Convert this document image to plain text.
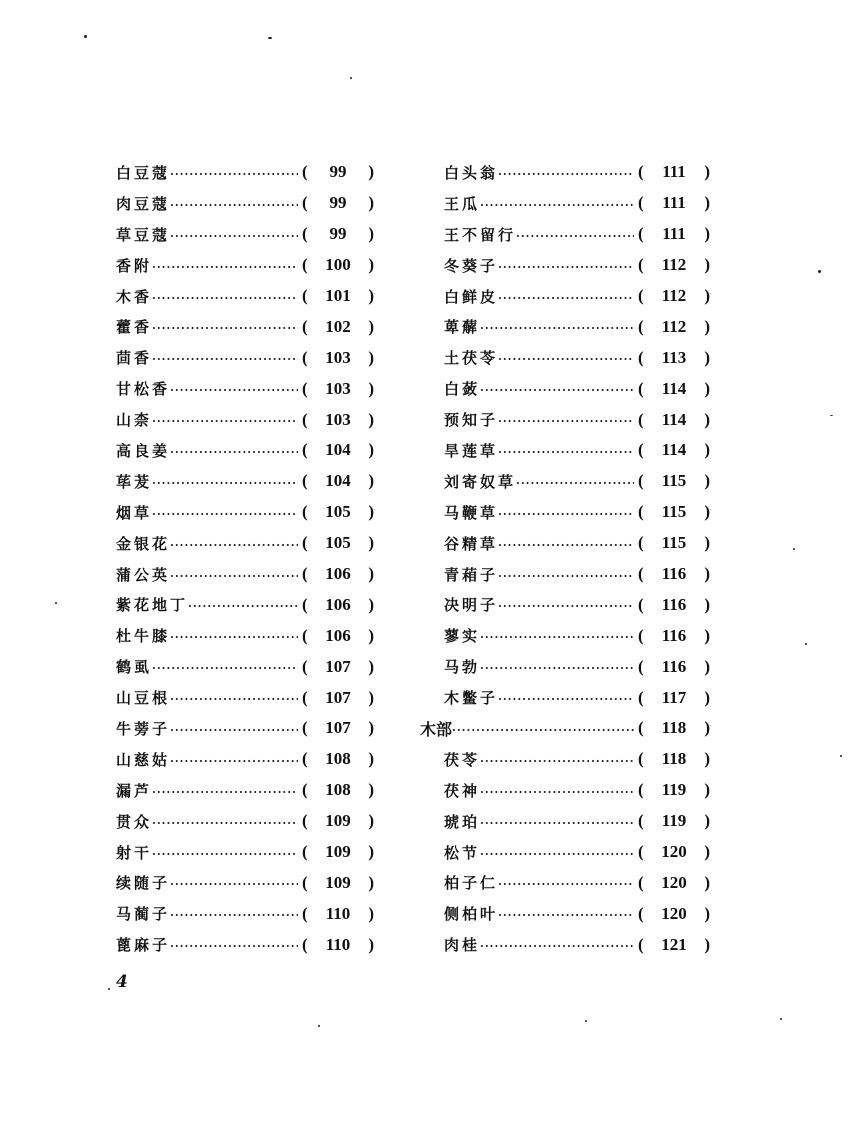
白豆蔻 ·····	(	99	)
肉豆蔻 ·····	(	99	)
草豆蔻 ·····	(	99	)
香附 ·····	(	100	)
木香 ·····	(	101	)
藿香 ·····	(	102	)
茴香 ·····	(	103	)
甘松香 ·····	(	103	)
山柰 ·····	(	103	)
高良姜 ·····	(	104	)
荜茇 ·····	(	104	)
烟草 ·····	(	105	)
金银花 ·····	(	105	)
蒲公英 ·····	(	106	)
紫花地丁 ·····	(	106	)
杜牛膝 ·····	(	106	)
鹤虱 ·····	(	107	)
山豆根 ·····	(	107	)
牛蒡子 ·····	(	107	)
山慈姑 ·····	(	108	)
漏芦 ·····	(	108	)
贯众 ·····	(	109	)
射干 ·····	(	109	)
续随子 ·····	(	109	)
马蔺子 ·····	(	110	)
蓖麻子 ·····	(	110	)
白头翁 ·····	(	111	)
王瓜 ·····	(	111	)
王不留行 ·····	(	111	)
冬葵子 ·····	(	112	)
白鲜皮 ·····	(	112	)
萆薢 ·····	(	112	)
土茯苓 ·····	(	113	)
白蔹 ·····	(	114	)
预知子 ·····	(	114	)
旱莲草 ·····	(	114	)
刘寄奴草 ·····	(	115	)
马鞭草 ·····	(	115	)
谷精草 ·····	(	115	)
青葙子 ·····	(	116	)
决明子 ·····	(	116	)
蓼实 ·····	(	116	)
马勃 ·····	(	116	)
木鳖子 ·····	(	117	)
木部 ·····	(	118	)
茯苓 ·····	(	118	)
茯神 ·····	(	119	)
琥珀 ·····	(	119	)
松节 ·····	(	120	)
柏子仁 ·····	(	120	)
侧柏叶 ·····	(	120	)
肉桂 ·····	(	121	)
4
